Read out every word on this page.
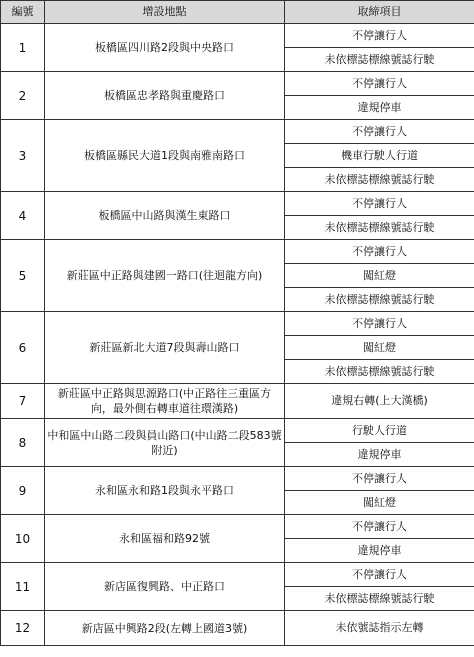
編號	增設地點	取締項目
1	板橋區四川路2段與中央路口	不停讓行人
		未依標誌標線號誌行駛
2	板橋區忠孝路與重慶路口	不停讓行人
		違規停車
3	板橋區縣民大道1段與南雅南路口	不停讓行人
		機車行駛人行道
		未依標誌標線號誌行駛
4	板橋區中山路與漢生東路口	不停讓行人
		未依標誌標線號誌行駛
5	新莊區中正路與建國一路口(往迴龍方向)	不停讓行人
		闖紅燈
		未依標誌標線號誌行駛
6	新莊區新北大道7段與壽山路口	不停讓行人
		闖紅燈
		未依標誌標線號誌行駛
7	新莊區中正路與思源路口(中正路往三重區方向，最外側右轉車道往環漢路)	違規右轉(上大漢橋)
8	中和區中山路二段與員山路口(中山路二段583號附近)	行駛人行道
		違規停車
9	永和區永和路1段與永平路口	不停讓行人
		闖紅燈
10	永和區福和路92號	不停讓行人
		違規停車
11	新店區復興路、中正路口	不停讓行人
		未依標誌標線號誌行駛
12	新店區中興路2段(左轉上國道3號)	未依號誌指示左轉
